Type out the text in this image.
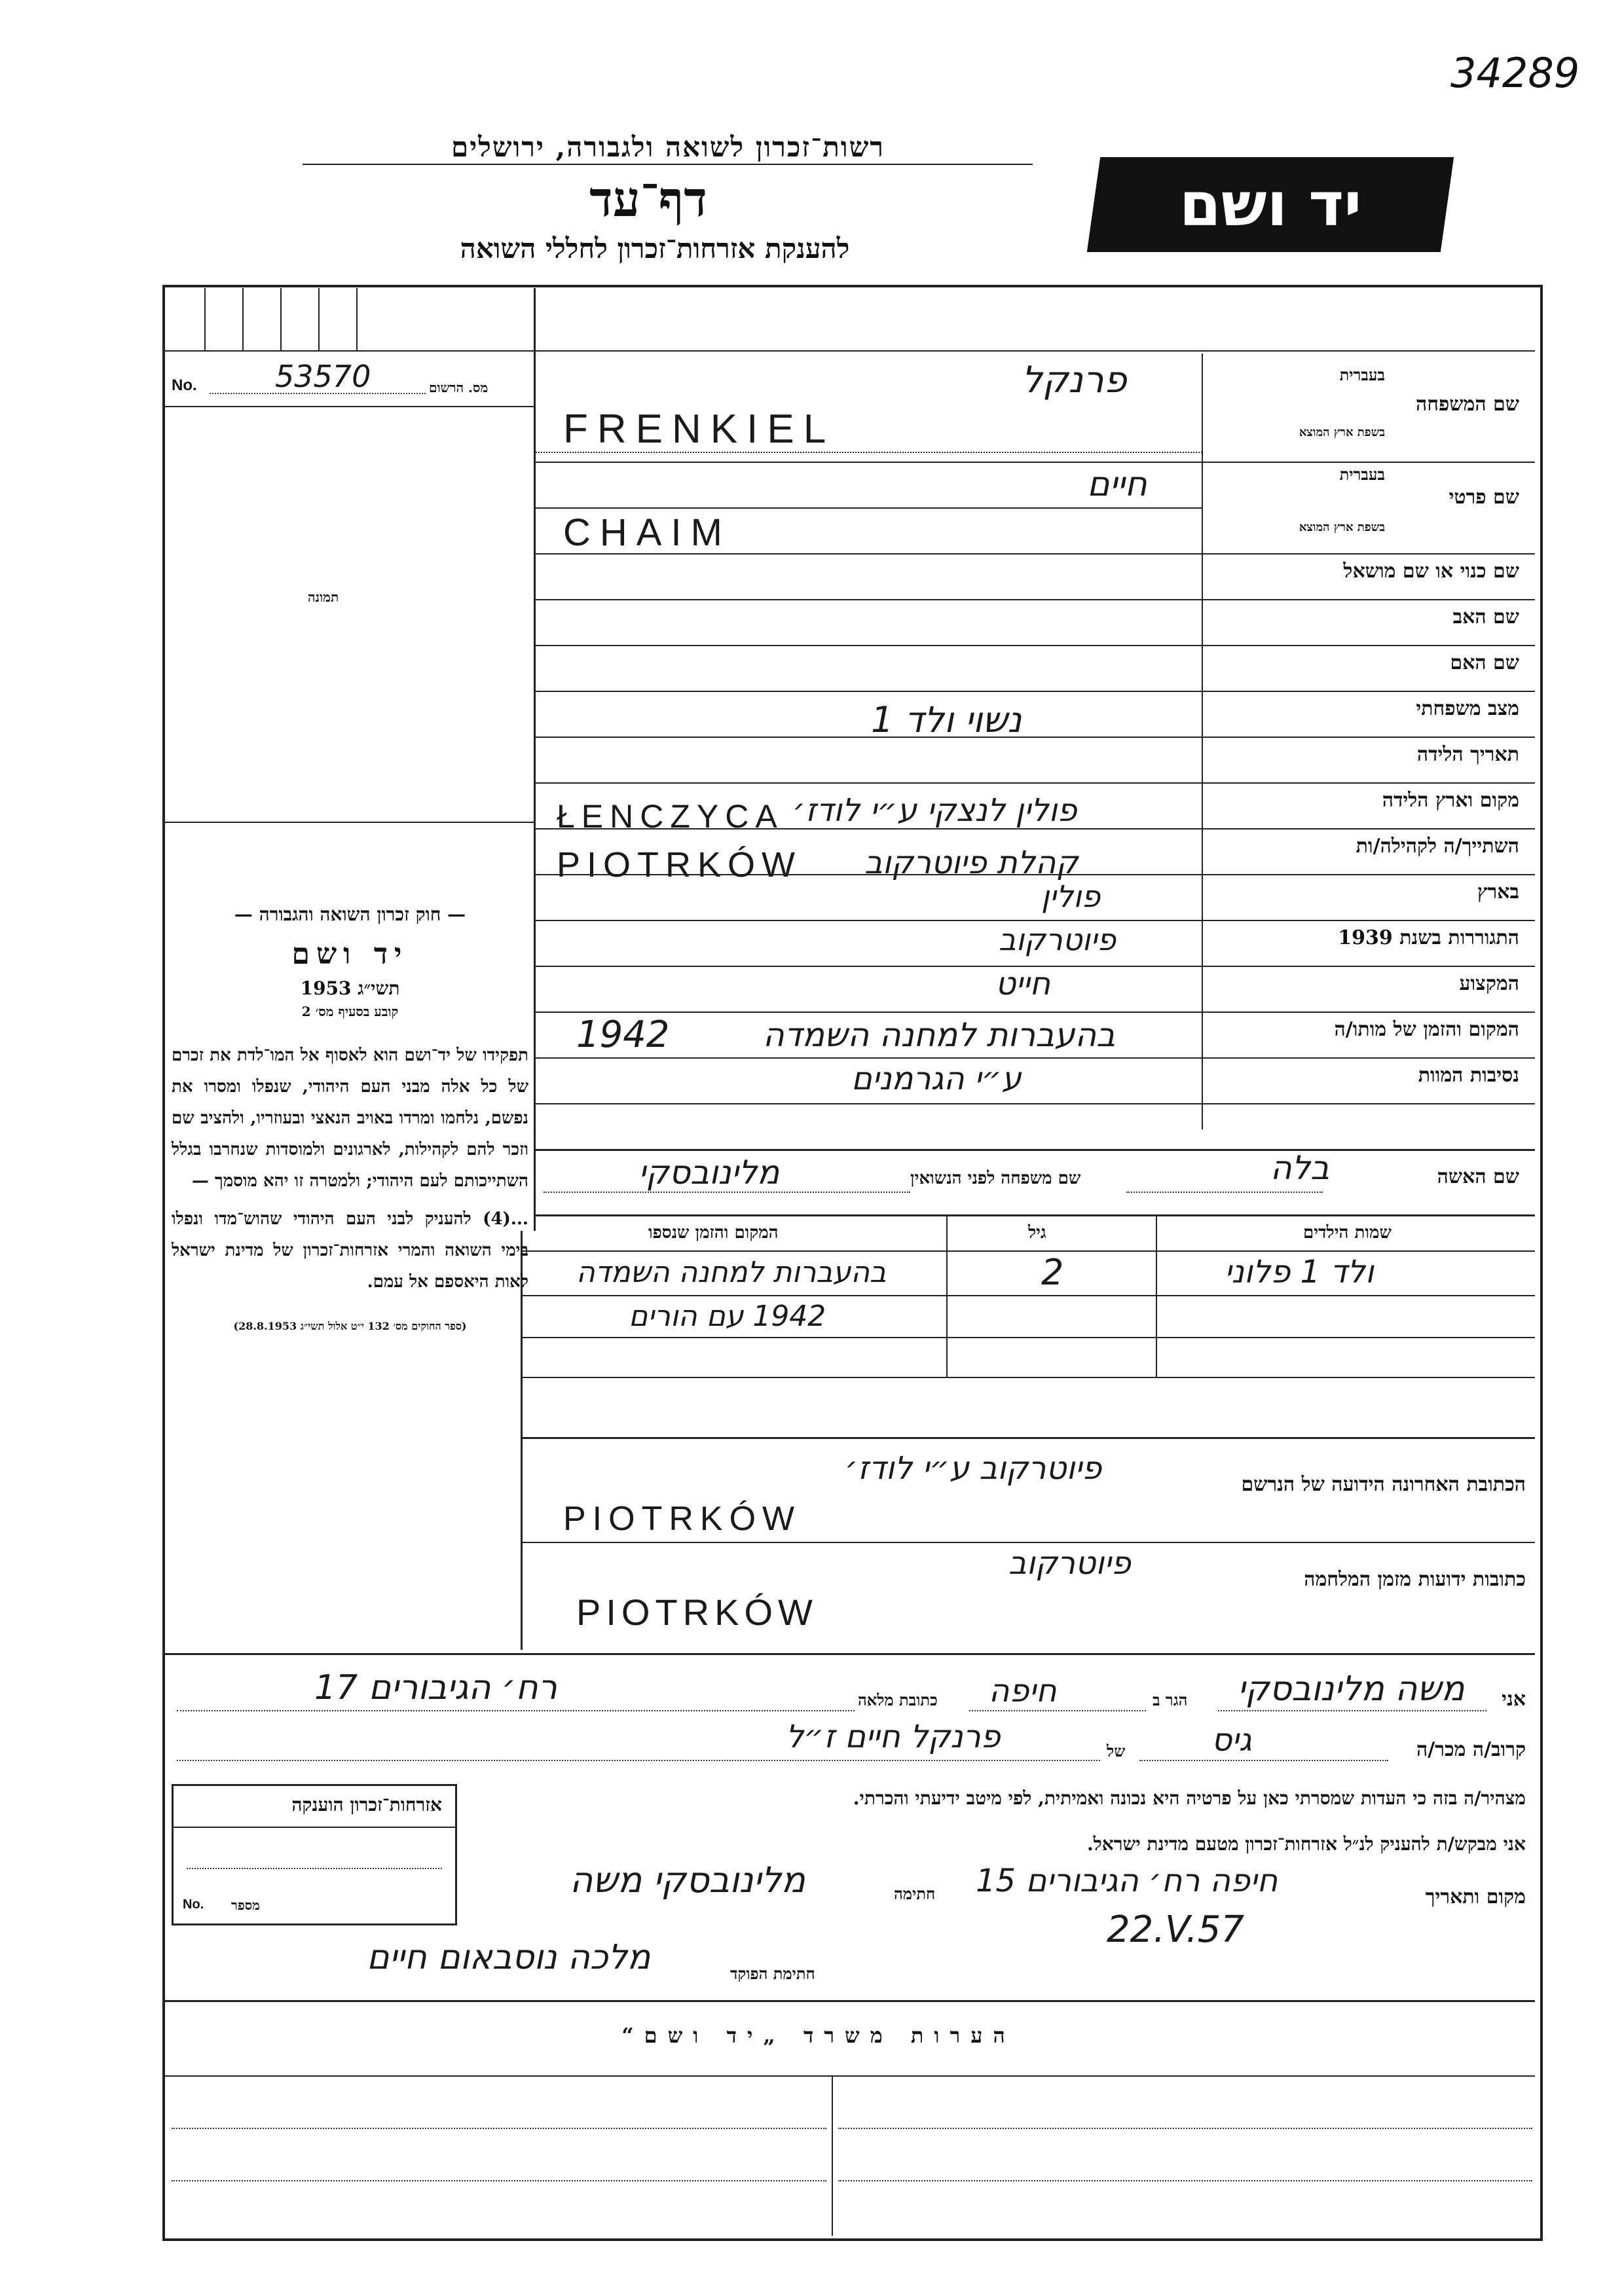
34289
רשות־זכרון לשואה ולגבורה, ירושלים
דף־עד
להענקת אזרחות־זכרון לחללי השואה
יד ושם
No.	53570	מס. הרשום
תמונה
— חוק זכרון השואה והגבורה —
יד ושם
תשי״ג 1953
קובע בסעיף מס׳ 2

תפקידו של יד־ושם הוא לאסוף אל המו־לדת את זכרם של כל אלה מבני העם היהודי, שנפלו ומסרו את נפשם, נלחמו ומרדו באויב הנאצי ובעוזריו, ולהציב שם וזכר להם לקהילות, לארגונים ולמוסדות שנחרבו בגלל השתייכותם לעם היהודי; ולמטרה זו יהא מוסמך —

...(4) להעניק לבני העם היהודי שהוש־מדו ונפלו בימי השואה והמרי אזרחות־זכרון של מדינת ישראל לאות היאספם אל עמם.

(ספר החוקים מס׳ 132 י״ט אלול תשי״ג 28.8.1953)

שם המשפחה
בעברית
בשפת ארץ המוצא
פרנקל
FRENKIEL
שם פרטי
בעברית
בשפת ארץ המוצא
חיים
CHAIM
שם כנוי או שם מושאל
שם האב
שם האם
מצב משפחתי
נשוי ולד 1
תאריך הלידה
מקום וארץ הלידה
ŁENCZYCA פולין לנצקי ע״י לודז׳
השתייך/ה לקהילה/ות
PIOTRKÓW קהלת פיוטרקוב
בארץ
פולין
התגוררות בשנת 1939
פיוטרקוב
המקצוע
חייט
המקום והזמן של מותו/ה
בהעברות למחנה השמדה
1942
נסיבות המוות
ע״י הגרמנים
שם האשה
בלה
שם משפחה לפני הנשואין
מלינובסקי
שמות הילדים
גיל
המקום והזמן שנספו
ולד 1 פלוני
2
בהעברות למחנה השמדה
1942 עם הורים
הכתובת האחרונה הידועה של הנרשם
פיוטרקוב ע״י לודז׳
PIOTRKÓW
כתובות ידועות מזמן המלחמה
פיוטרקוב
PIOTRKÓW
אני
משה מלינובסקי
הגר ב
חיפה
כתובת מלאה
רח׳ הגיבורים 17
קרוב/ה מכר/ה
גיס
של
פרנקל חיים ז״ל
מצהיר/ה בזה כי העדות שמסרתי כאן על פרטיה היא נכונה ואמיתית, לפי מיטב ידיעתי והכרתי.
אני מבקש/ת להעניק לנ״ל אזרחות־זכרון מטעם מדינת ישראל.
מקום ותאריך
חיפה רח׳ הגיבורים 15
22.V.57
חתימה
מלינובסקי משה
חתימת הפוקד
מלכה נוסבאום חיים
אזרחות־זכרון הוענקה
No. מספר
הערות משרד „יד ושם“
